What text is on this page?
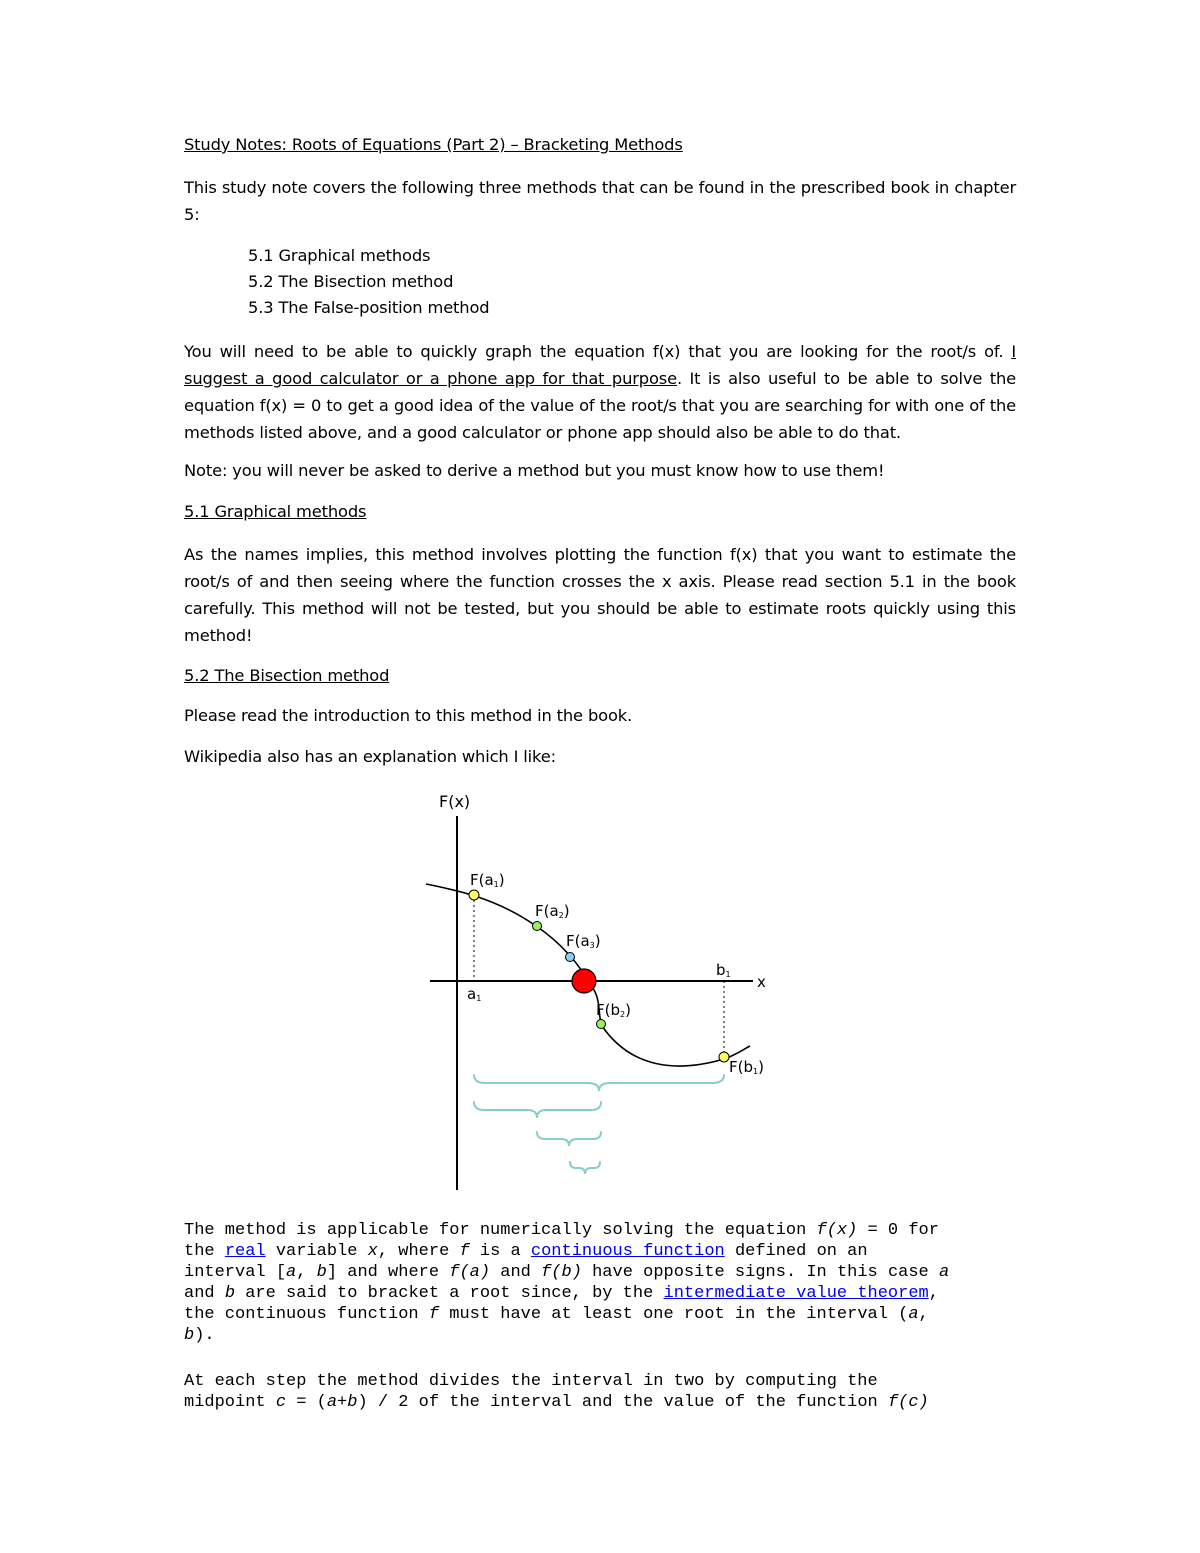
Study Notes: Roots of Equations (Part 2) – Bracketing Methods
This study note covers the following three methods that can be found in the prescribed book in chapter 5:
5.1 Graphical methods
5.2 The Bisection method
5.3 The False-position method
You will need to be able to quickly graph the equation f(x) that you are looking for the root/s of. I suggest a good calculator or a phone app for that purpose. It is also useful to be able to solve the equation f(x) = 0 to get a good idea of the value of the root/s that you are searching for with one of the methods listed above, and a good calculator or phone app should also be able to do that.
Note: you will never be asked to derive a method but you must know how to use them!
5.1 Graphical methods
As the names implies, this method involves plotting the function f(x) that you want to estimate the root/s of and then seeing where the function crosses the x axis. Please read section 5.1 in the book carefully. This method will not be tested, but you should be able to estimate roots quickly using this method!
5.2 The Bisection method
Please read the introduction to this method in the book.
Wikipedia also has an explanation which I like:
F(x)
x
F(a1)
F(a2)
F(a3)
F(b2)
F(b1)
a1
b1
The method is applicable for numerically solving the equation f(x) = 0 for
the real variable x, where f is a continuous function defined on an
interval [a, b] and where f(a) and f(b) have opposite signs. In this case a
and b are said to bracket a root since, by the intermediate value theorem,
the continuous function f must have at least one root in the interval (a,
b).
At each step the method divides the interval in two by computing the
midpoint c = (a+b) / 2 of the interval and the value of the function f(c)
